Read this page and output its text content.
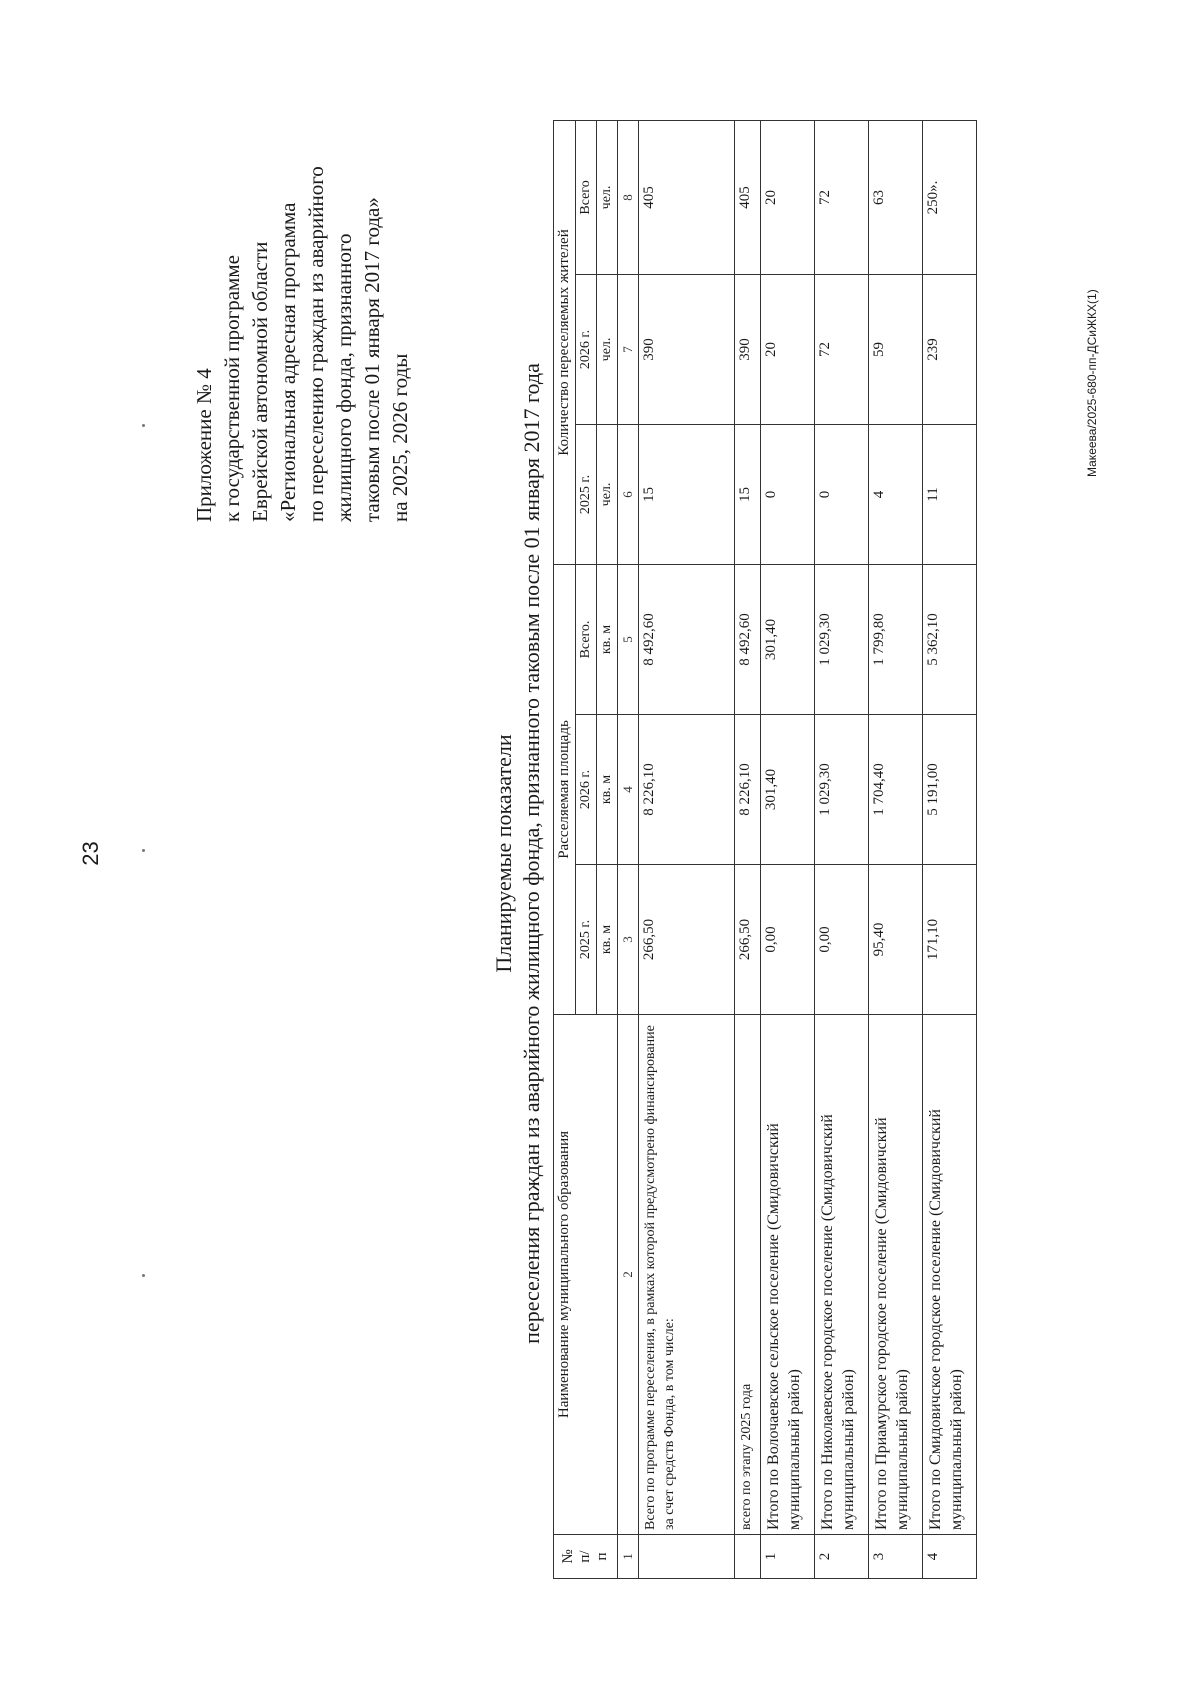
23
Приложение № 4 к государственной программе Еврейской автономной области «Региональная адресная программа по переселению граждан из аварийного жилищного фонда, признанного таковым после 01 января 2017 года» на 2025, 2026 годы
Планируемые показатели переселения граждан из аварийного жилищного фонда, признанного таковым после 01 января 2017 года
№ п/ п	Наименование муниципального образования	Расселяемая площадь			Количество переселяемых жителей		
		2025 г.	2026 г.	Всего.	2025 г.	2026 г.	Всего
		кв. м	кв. м	кв. м	чел.	чел.	чел.
1	2	3	4	5	6	7	8
	Всего по программе переселения, в рамках которой предусмотрено финансирование за счет средств Фонда, в том числе:	266,50	8 226,10	8 492,60	15	390	405
	всего по этапу 2025 года	266,50	8 226,10	8 492,60	15	390	405
1	Итого по Волочаевское сельское поселение (Смидовичский муниципальный район)	0,00	301,40	301,40	0	20	20
2	Итого по Николаевское городское поселение (Смидовичский муниципальный район)	0,00	1 029,30	1 029,30	0	72	72
3	Итого по Приамурское городское поселение (Смидовичский муниципальный район)	95,40	1 704,40	1 799,80	4	59	63
4	Итого по Смидовичское городское поселение (Смидовичский муниципальный район)	171,10	5 191,00	5 362,10	11	239	250».
Макеева/2025-680-пп-ДСиЖКХ(1)
